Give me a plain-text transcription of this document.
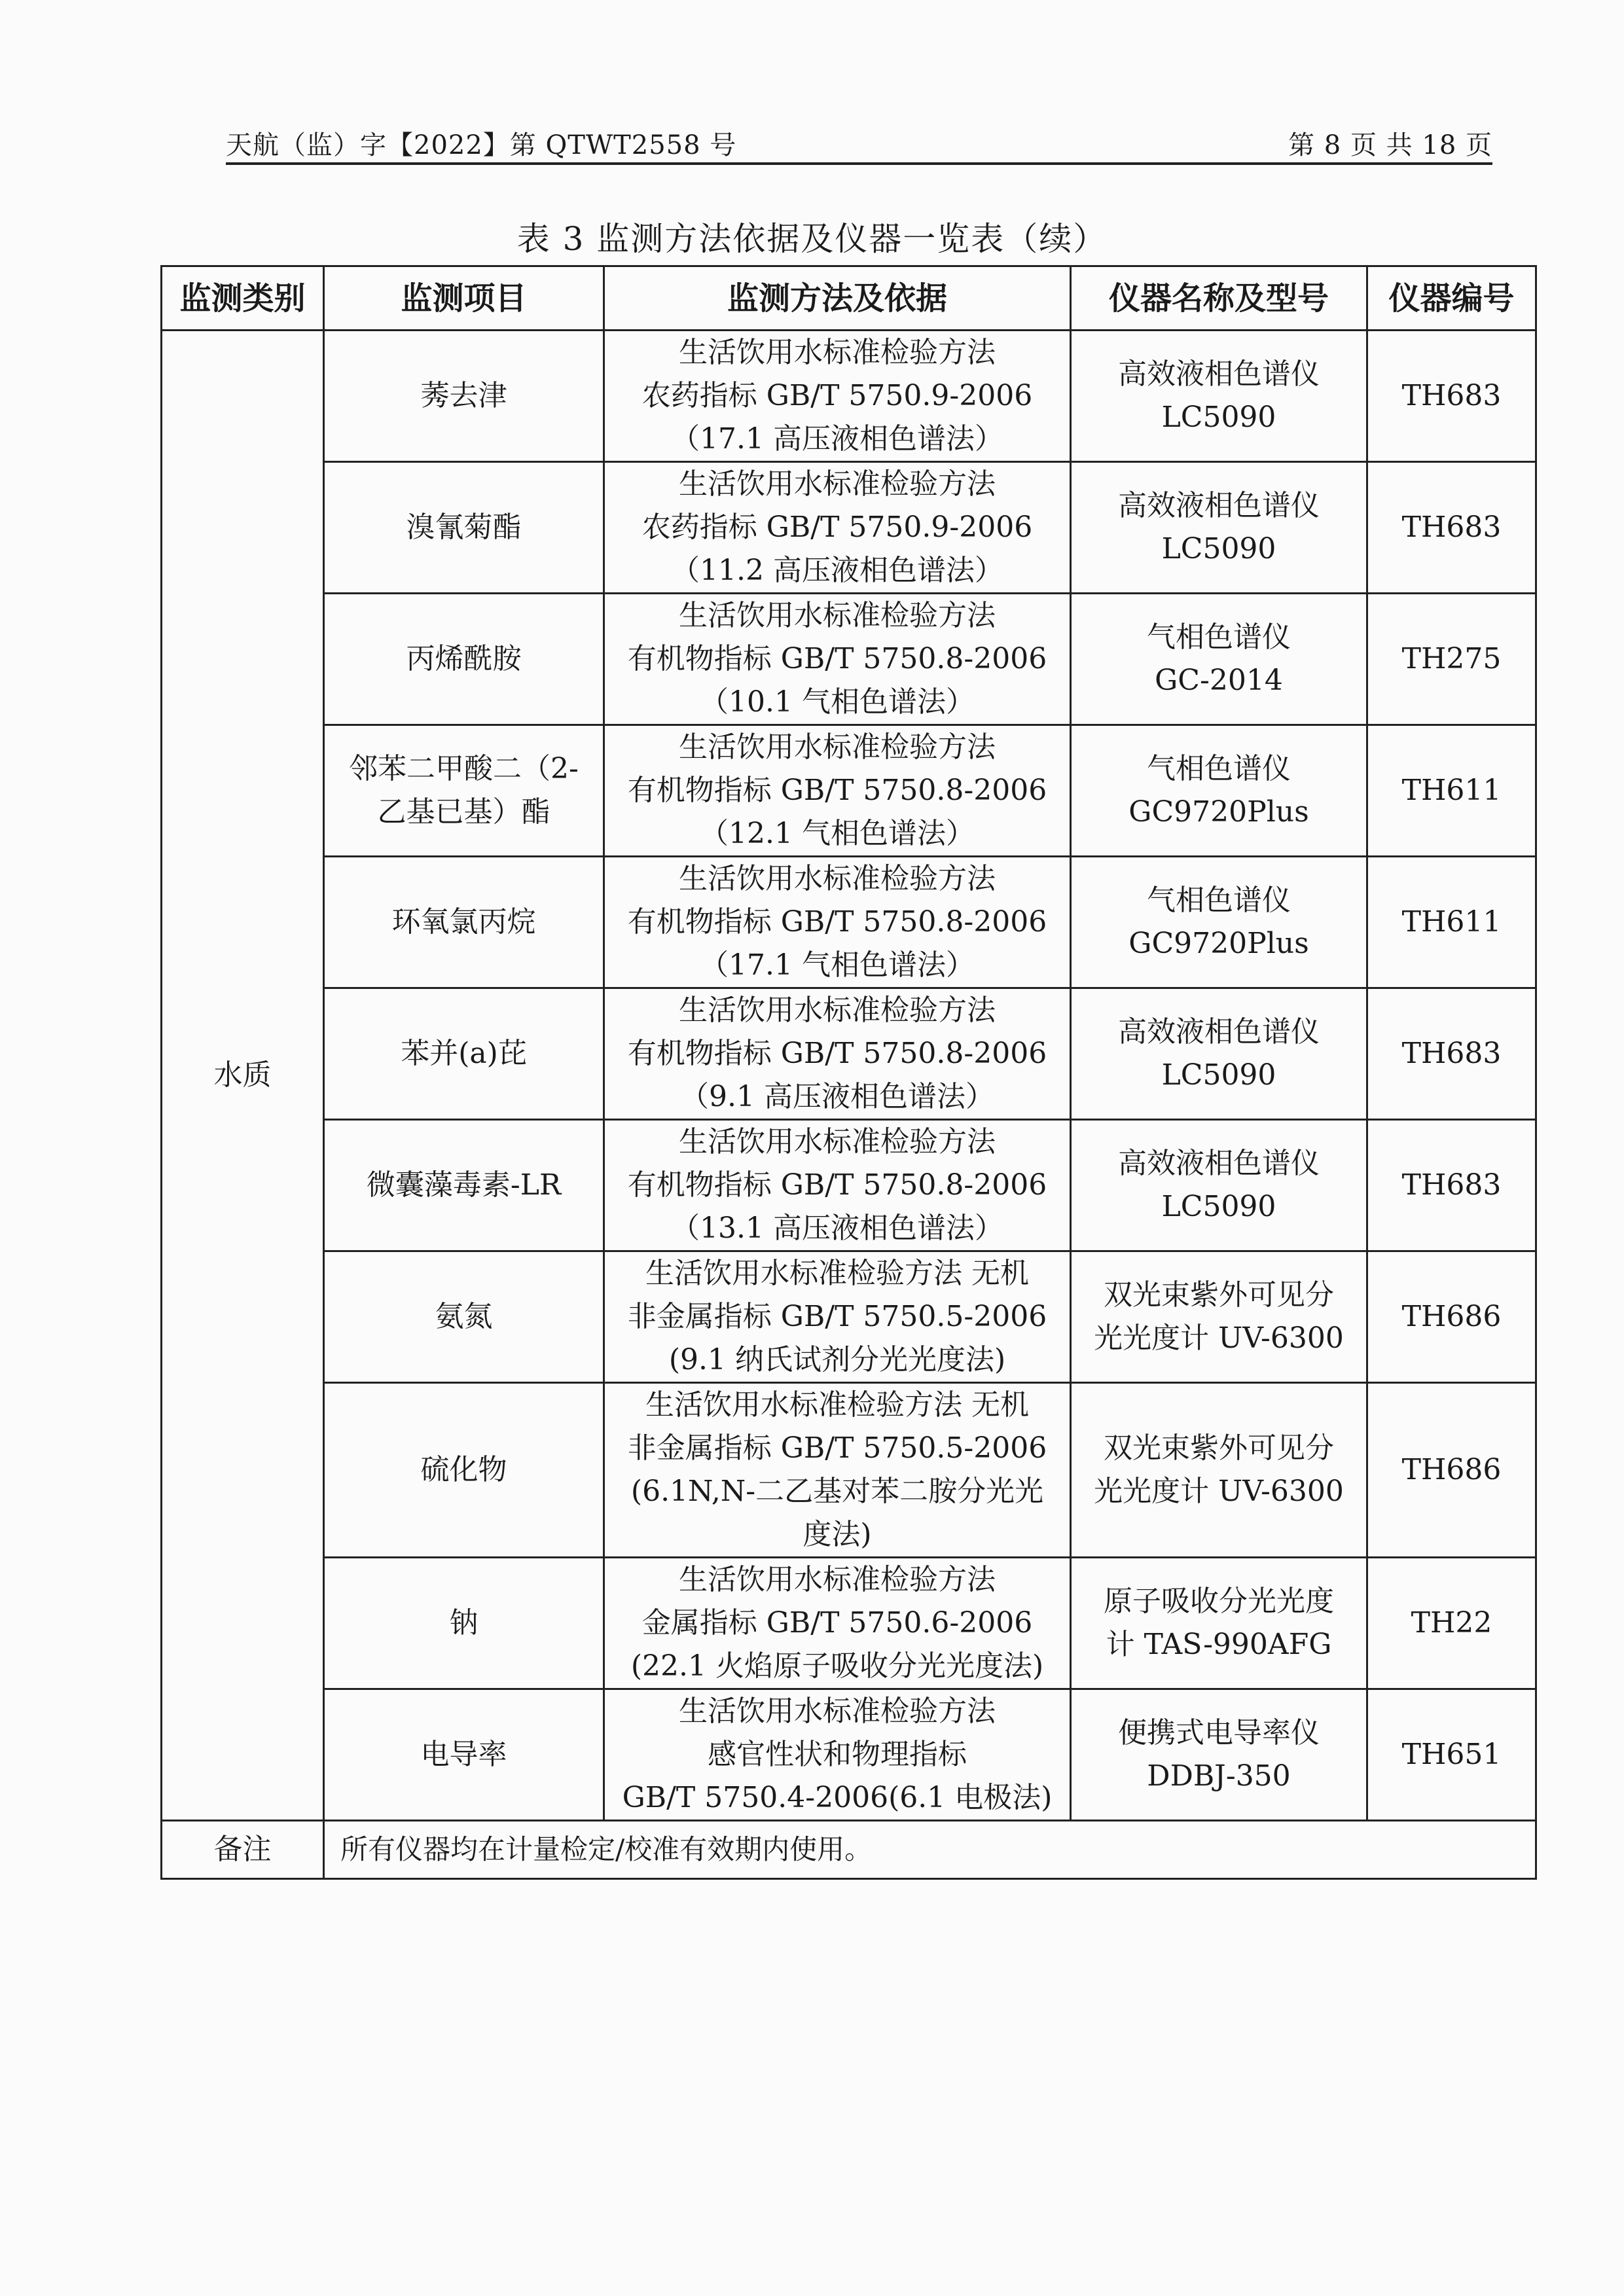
天航（监）字【2022】第 QTWT2558 号	第 8 页 共 18 页
表 3 监测方法依据及仪器一览表（续）
监测类别	监测项目	监测方法及依据	仪器名称及型号	仪器编号
水质	莠去津	生活饮用水标准检验方法
农药指标 GB/T 5750.9-2006
（17.1 高压液相色谱法）	高效液相色谱仪
LC5090	TH683

	溴氰菊酯	生活饮用水标准检验方法
农药指标 GB/T 5750.9-2006
（11.2 高压液相色谱法）	高效液相色谱仪
LC5090	TH683

	丙烯酰胺	生活饮用水标准检验方法
有机物指标 GB/T 5750.8-2006
（10.1 气相色谱法）	气相色谱仪
GC-2014	TH275

	邻苯二甲酸二（2-
乙基已基）酯	生活饮用水标准检验方法
有机物指标 GB/T 5750.8-2006
（12.1 气相色谱法）	气相色谱仪
GC9720Plus	TH611

	环氧氯丙烷	生活饮用水标准检验方法
有机物指标 GB/T 5750.8-2006
（17.1 气相色谱法）	气相色谱仪
GC9720Plus	TH611

	苯并(a)芘	生活饮用水标准检验方法
有机物指标 GB/T 5750.8-2006
（9.1 高压液相色谱法）	高效液相色谱仪
LC5090	TH683

	微囊藻毒素-LR	生活饮用水标准检验方法
有机物指标 GB/T 5750.8-2006
（13.1 高压液相色谱法）	高效液相色谱仪
LC5090	TH683

	氨氮	生活饮用水标准检验方法 无机
非金属指标 GB/T 5750.5-2006
(9.1 纳氏试剂分光光度法)	双光束紫外可见分
光光度计 UV-6300	TH686

	硫化物	生活饮用水标准检验方法 无机
非金属指标 GB/T 5750.5-2006
(6.1N,N-二乙基对苯二胺分光光
度法)	双光束紫外可见分
光光度计 UV-6300	TH686

	钠	生活饮用水标准检验方法
金属指标 GB/T 5750.6-2006
(22.1 火焰原子吸收分光光度法)	原子吸收分光光度
计 TAS-990AFG	TH22

	电导率	生活饮用水标准检验方法
感官性状和物理指标
GB/T 5750.4-2006(6.1 电极法)	便携式电导率仪
DDBJ-350	TH651
备注	所有仪器均在计量检定/校准有效期内使用。			
